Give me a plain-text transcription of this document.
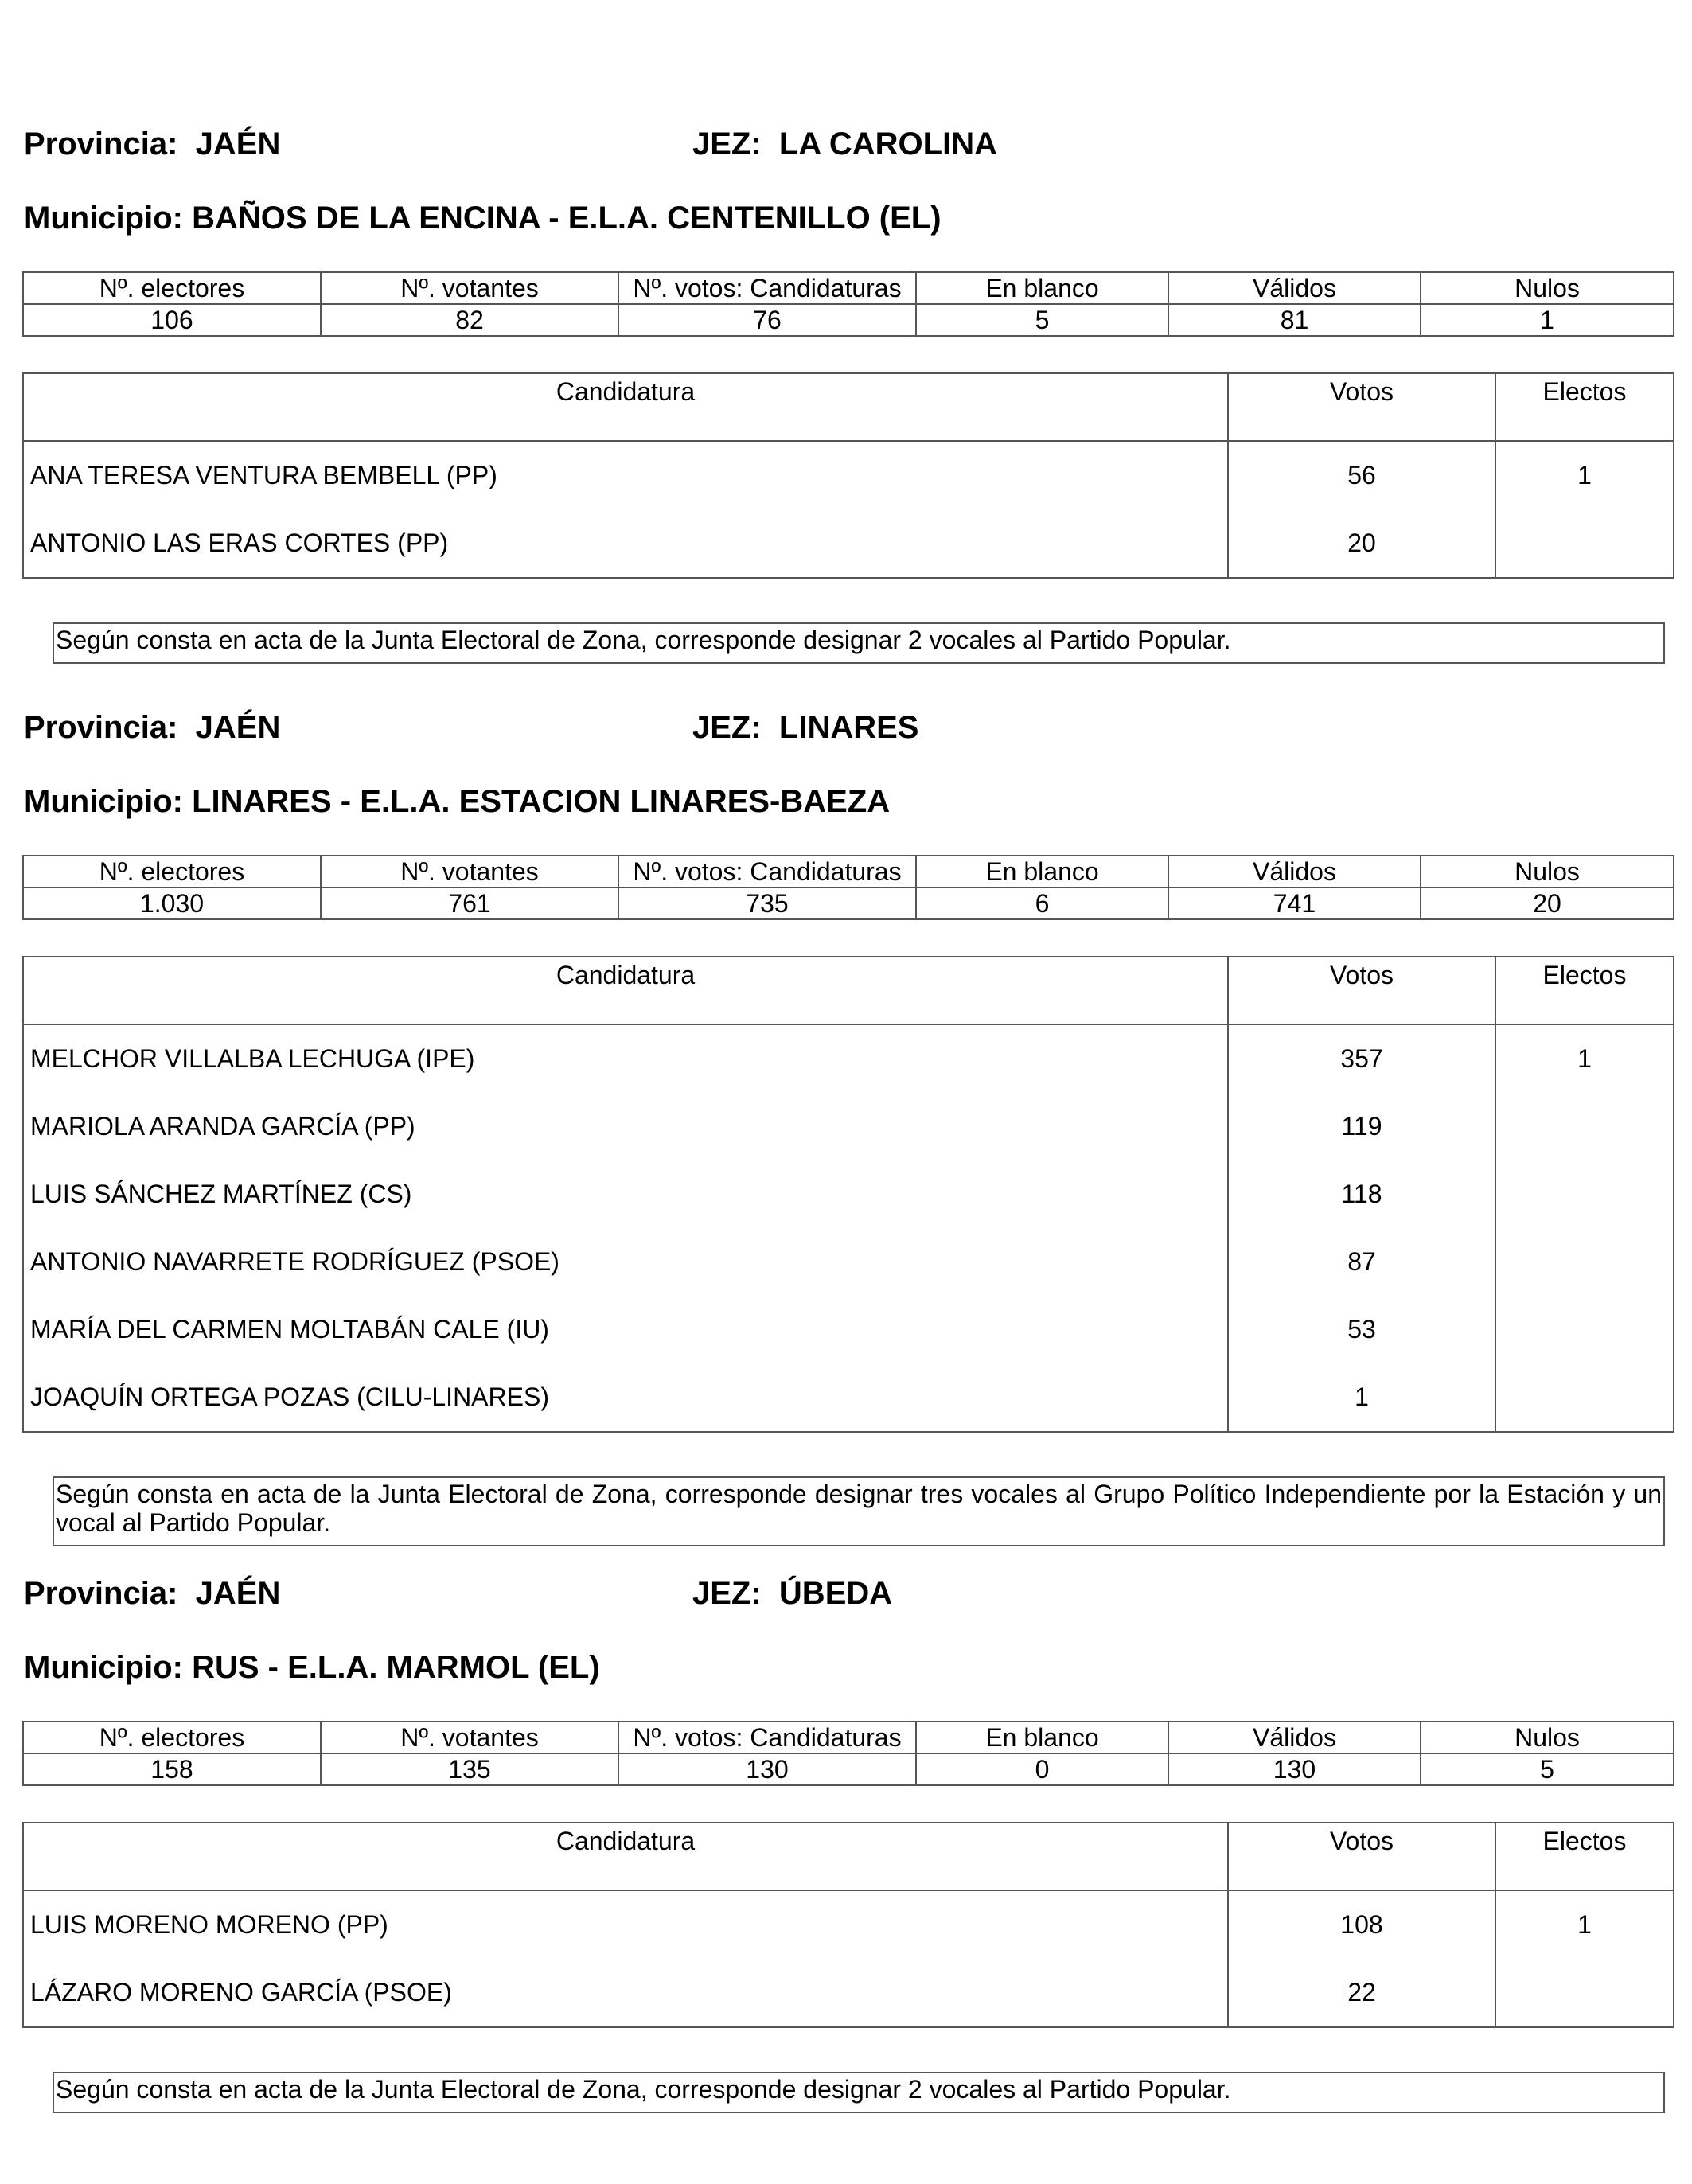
Provincia: JAÉN	JEZ: LA CAROLINA
Municipio: BAÑOS DE LA ENCINA - E.L.A. CENTENILLO (EL)
Nº. electores	Nº. votantes	Nº. votos: Candidaturas	En blanco	Válidos	Nulos
106	82	76	5	81	1
Candidatura	Votos	Electos
ANA TERESA VENTURA BEMBELL (PP)	56	1
ANTONIO LAS ERAS CORTES (PP)	20	
Según consta en acta de la Junta Electoral de Zona, corresponde designar 2 vocales al Partido Popular.
Provincia: JAÉN	JEZ: LINARES
Municipio: LINARES - E.L.A. ESTACION LINARES-BAEZA
Nº. electores	Nº. votantes	Nº. votos: Candidaturas	En blanco	Válidos	Nulos
1.030	761	735	6	741	20
Candidatura	Votos	Electos
MELCHOR VILLALBA LECHUGA (IPE)	357	1
MARIOLA ARANDA GARCÍA (PP)	119	
LUIS SÁNCHEZ MARTÍNEZ (CS)	118	
ANTONIO NAVARRETE RODRÍGUEZ (PSOE)	87	
MARÍA DEL CARMEN MOLTABÁN CALE (IU)	53	
JOAQUÍN ORTEGA POZAS (CILU-LINARES)	1	
Según consta en acta de la Junta Electoral de Zona, corresponde designar tres vocales al Grupo Político Independiente por la Estación y un vocal al Partido Popular.
Provincia: JAÉN	JEZ: ÚBEDA
Municipio: RUS - E.L.A. MARMOL (EL)
Nº. electores	Nº. votantes	Nº. votos: Candidaturas	En blanco	Válidos	Nulos
158	135	130	0	130	5
Candidatura	Votos	Electos
LUIS MORENO MORENO (PP)	108	1
LÁZARO MORENO GARCÍA (PSOE)	22	
Según consta en acta de la Junta Electoral de Zona, corresponde designar 2 vocales al Partido Popular.
